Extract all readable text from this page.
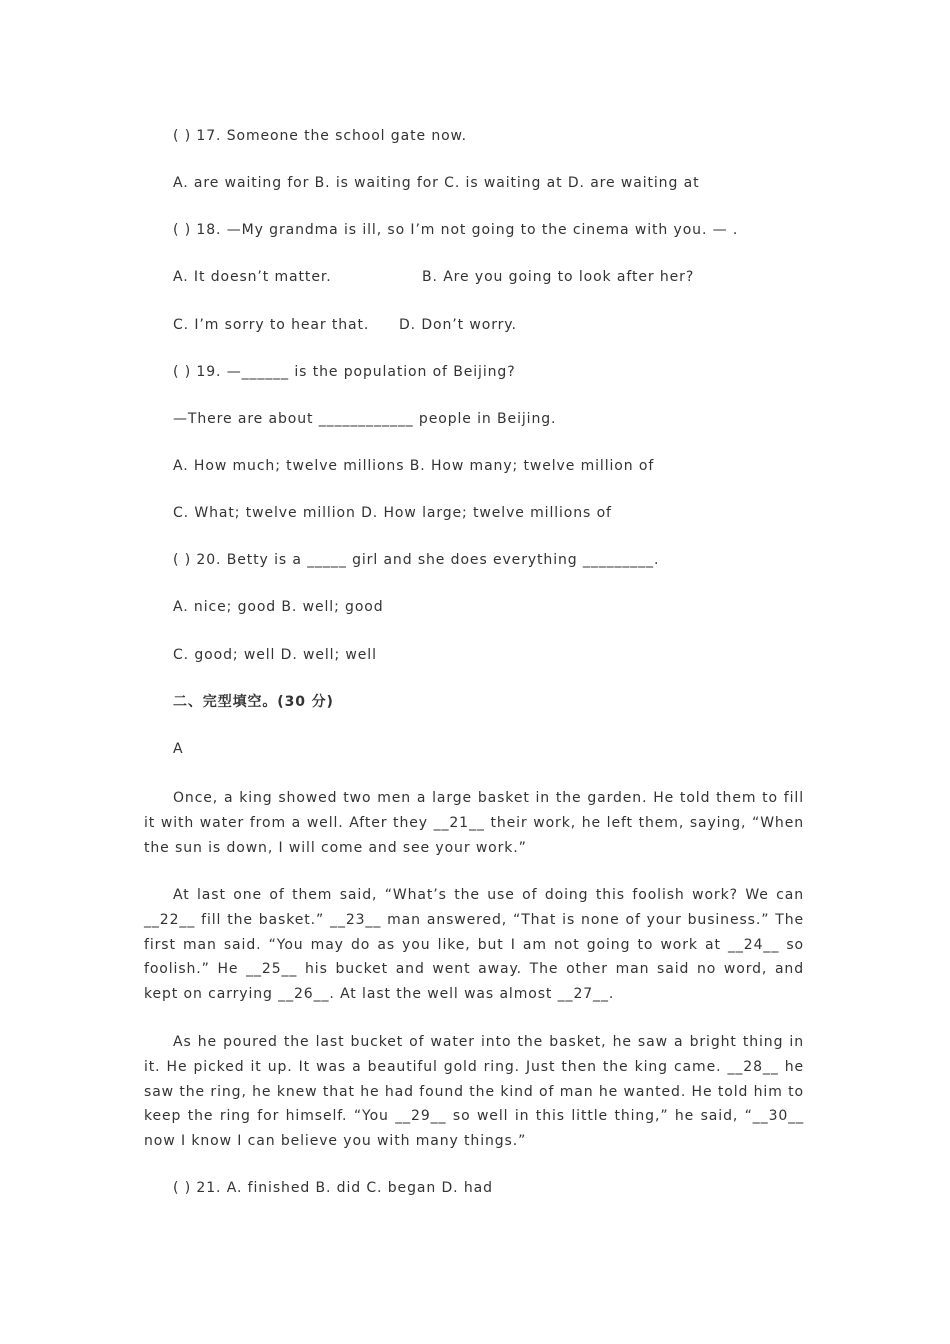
( ) 17. Someone the school gate now.
A. are waiting for B. is waiting for C. is waiting at D. are waiting at
( ) 18. —My grandma is ill, so I’m not going to the cinema with you. — .
A. It doesn’t matter.	B. Are you going to look after her?
C. I’m sorry to hear that. D. Don’t worry.
( ) 19. —______ is the population of Beijing?
—There are about ____________ people in Beijing.
A. How much; twelve millions B. How many; twelve million of
C. What; twelve million D. How large; twelve millions of
( ) 20. Betty is a _____ girl and she does everything _________.
A. nice; good B. well; good
C. good; well D. well; well
二、完型填空。(30 分)
A
Once, a king showed two men a large basket in the garden. He told them to fill it with water from a well. After they __21__ their work, he left them, saying, “When the sun is down, I will come and see your work.”
At last one of them said, “What’s the use of doing this foolish work? We can __22__ fill the basket.” __23__ man answered, “That is none of your business.” The first man said. “You may do as you like, but I am not going to work at __24__ so foolish.” He __25__ his bucket and went away. The other man said no word, and kept on carrying __26__. At last the well was almost __27__.
As he poured the last bucket of water into the basket, he saw a bright thing in it. He picked it up. It was a beautiful gold ring. Just then the king came. __28__ he saw the ring, he knew that he had found the kind of man he wanted. He told him to keep the ring for himself. “You __29__ so well in this little thing,” he said, “__30__ now I know I can believe you with many things.”
( ) 21. A. finished B. did C. began D. had
